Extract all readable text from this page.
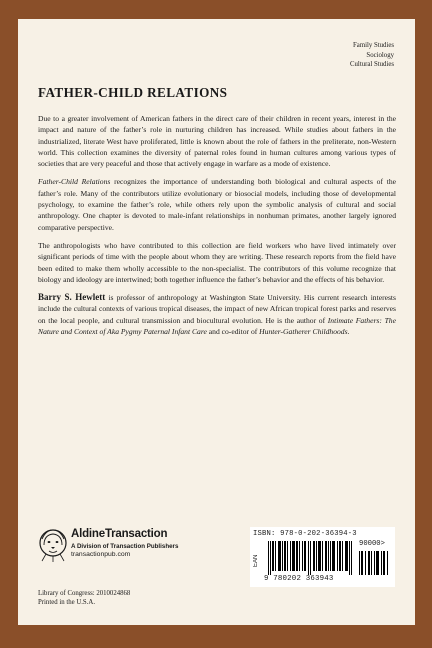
Family Studies
Sociology
Cultural Studies
FATHER-CHILD RELATIONS

Due to a greater involvement of American fathers in the direct care of their children in recent years, interest in the impact and nature of the father’s role in nurturing children has increased. While studies about fathers in the industrialized, literate West have proliferated, little is known about the role of fathers in the preliterate, non-Western world. This collection examines the diversity of paternal roles found in human cultures among various types of societies that are very peaceful and those that actively engage in warfare as a mode of existence.

Father-Child Relations recognizes the importance of understanding both biological and cultural aspects of the father’s role. Many of the contributors utilize evolutionary or biosocial models, including those of developmental psychology, to examine the father’s role, while others rely upon the symbolic analysis of cultural and social anthropology. One chapter is devoted to male-infant relationships in nonhuman primates, another largely ignored comparative perspective.

The anthropologists who have contributed to this collection are field workers who have lived intimately over significant periods of time with the people about whom they are writing. These research reports from the field have been edited to make them wholly accessible to the non-specialist. The contributors of this volume recognize that biology and ideology are intertwined; both together influence the father’s behavior and the effects of his behavior.

Barry S. Hewlett is professor of anthropology at Washington State University. His current research interests include the cultural contexts of various tropical diseases, the impact of new African tropical forest parks and reserves on the local people, and cultural transmission and biocultural evolution. He is the author of Intimate Fathers: The Nature and Context of Aka Pygmy Paternal Infant Care and co-editor of Hunter-Gatherer Childhoods.

AldineTransaction
A Division of Transaction Publishers
transactionpub.com
ISBN: 978-0-202-36394-3
90000>
EAN
9 780202 363943
Library of Congress: 2010024868
Printed in the U.S.A.
